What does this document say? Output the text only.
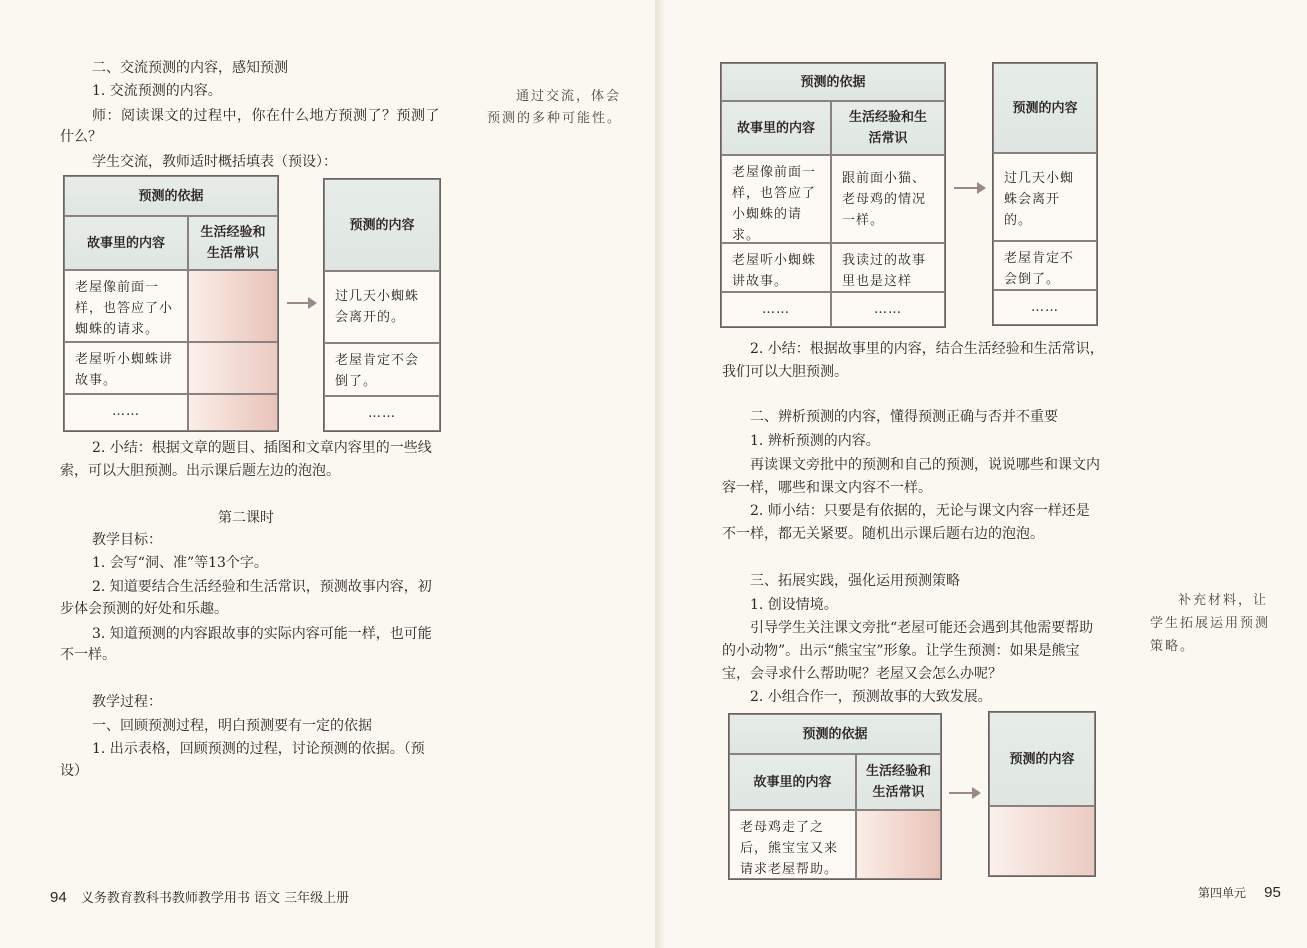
二、交流预测的内容，感知预测
1. 交流预测的内容。
师：阅读课文的过程中，你在什么地方预测了？预测了
什么？
学生交流，教师适时概括填表（预设）：
通过交流，体会
预测的多种可能性。
预测的依据
故事里的内容
生活经验和生活常识
老屋像前面一样，也答应了小蜘蛛的请求。
老屋听小蜘蛛讲故事。
……
预测的内容
过几天小蜘蛛会离开的。
老屋肯定不会倒了。
……
2. 小结：根据文章的题目、插图和文章内容里的一些线
索，可以大胆预测。出示课后题左边的泡泡。
第二课时
教学目标：
1. 会写“洞、准”等13个字。
2. 知道要结合生活经验和生活常识，预测故事内容，初
步体会预测的好处和乐趣。
3. 知道预测的内容跟故事的实际内容可能一样，也可能
不一样。
教学过程：
一、回顾预测过程，明白预测要有一定的依据
1. 出示表格，回顾预测的过程，讨论预测的依据。（预
设）
94 义务教育教科书教师教学用书 语文 三年级上册
预测的依据
故事里的内容
生活经验和生活常识
老屋像前面一样，也答应了小蜘蛛的请求。
跟前面小猫、老母鸡的情况一样。
老屋听小蜘蛛讲故事。
我读过的故事里也是这样
……	……
预测的内容
过几天小蜘蛛会离开的。
老屋肯定不会倒了。
……
2. 小结：根据故事里的内容，结合生活经验和生活常识，
我们可以大胆预测。
二、辨析预测的内容，懂得预测正确与否并不重要
1. 辨析预测的内容。
再读课文旁批中的预测和自己的预测，说说哪些和课文内
容一样，哪些和课文内容不一样。
2. 师小结：只要是有依据的，无论与课文内容一样还是
不一样，都无关紧要。随机出示课后题右边的泡泡。
三、拓展实践，强化运用预测策略
1. 创设情境。
引导学生关注课文旁批“老屋可能还会遇到其他需要帮助
的小动物”。出示“熊宝宝”形象。让学生预测：如果是熊宝
宝，会寻求什么帮助呢？老屋又会怎么办呢？
2. 小组合作一，预测故事的大致发展。
补充材料，让
学生拓展运用预测
策略。
预测的依据
故事里的内容
生活经验和生活常识
老母鸡走了之后，熊宝宝又来请求老屋帮助。
预测的内容
第四单元 95
